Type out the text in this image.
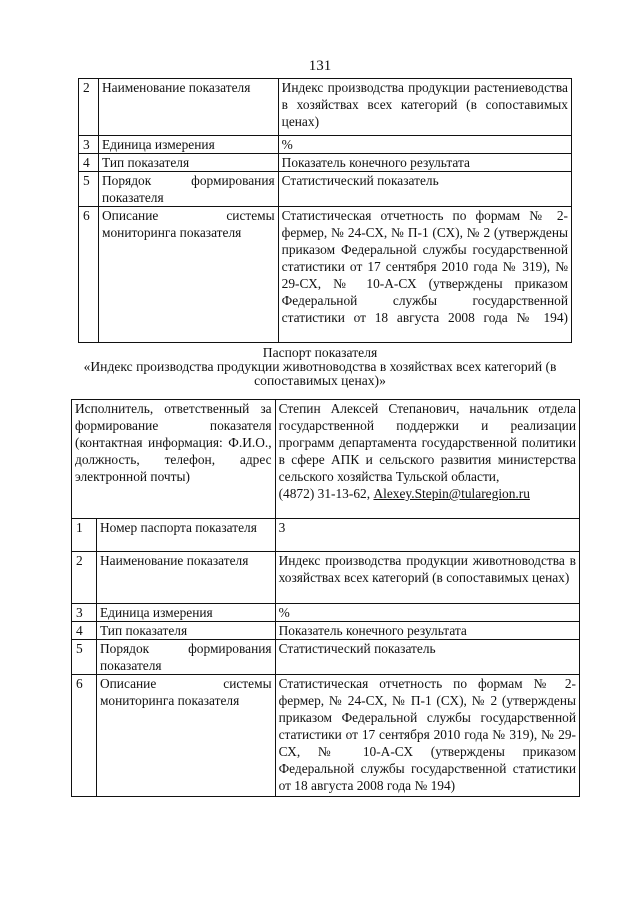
131
2	Наименование показателя	Индекс производства продукции растениеводства в хозяйствах всех категорий (в сопоставимых ценах)
3	Единица измерения	%
4	Тип показателя	Показатель конечного результата
5	Порядок формирования показателя	Статистический показатель
6	Описание системы мониторинга показателя	Статистическая отчетность по формам № 2-фермер, № 24-СХ, № П-1 (СХ), № 2 (утверждены приказом Федеральной службы государственной статистики от 17 сентября 2010 года № 319), № 29-СХ, № 10-А-СХ (утверждены приказом Федеральной службы государственной статистики от 18 августа 2008 года № 194)
Паспорт показателя
«Индекс производства продукции животноводства в хозяйствах всех категорий (в сопоставимых ценах)»
Исполнитель, ответственный за формирование показателя (контактная информация: Ф.И.О., должность, телефон, адрес электронной почты)		Степин Алексей Степанович, начальник отдела государственной поддержки и реализации программ департамента государственной политики в сфере АПК и сельского развития министерства сельского хозяйства Тульской области,
(4872) 31-13-62, Alexey.Stepin@tularegion.ru
1	Номер паспорта показателя	3
2	Наименование показателя	Индекс производства продукции животноводства в хозяйствах всех категорий (в сопоставимых ценах)
3	Единица измерения	%
4	Тип показателя	Показатель конечного результата
5	Порядок формирования показателя	Статистический показатель
6	Описание системы мониторинга показателя	Статистическая отчетность по формам № 2-фермер, № 24-СХ, № П-1 (СХ), № 2 (утверждены приказом Федеральной службы государственной статистики от 17 сентября 2010 года № 319), № 29-СХ, № 10-А-СХ (утверждены приказом Федеральной службы государственной статистики от 18 августа 2008 года № 194)
